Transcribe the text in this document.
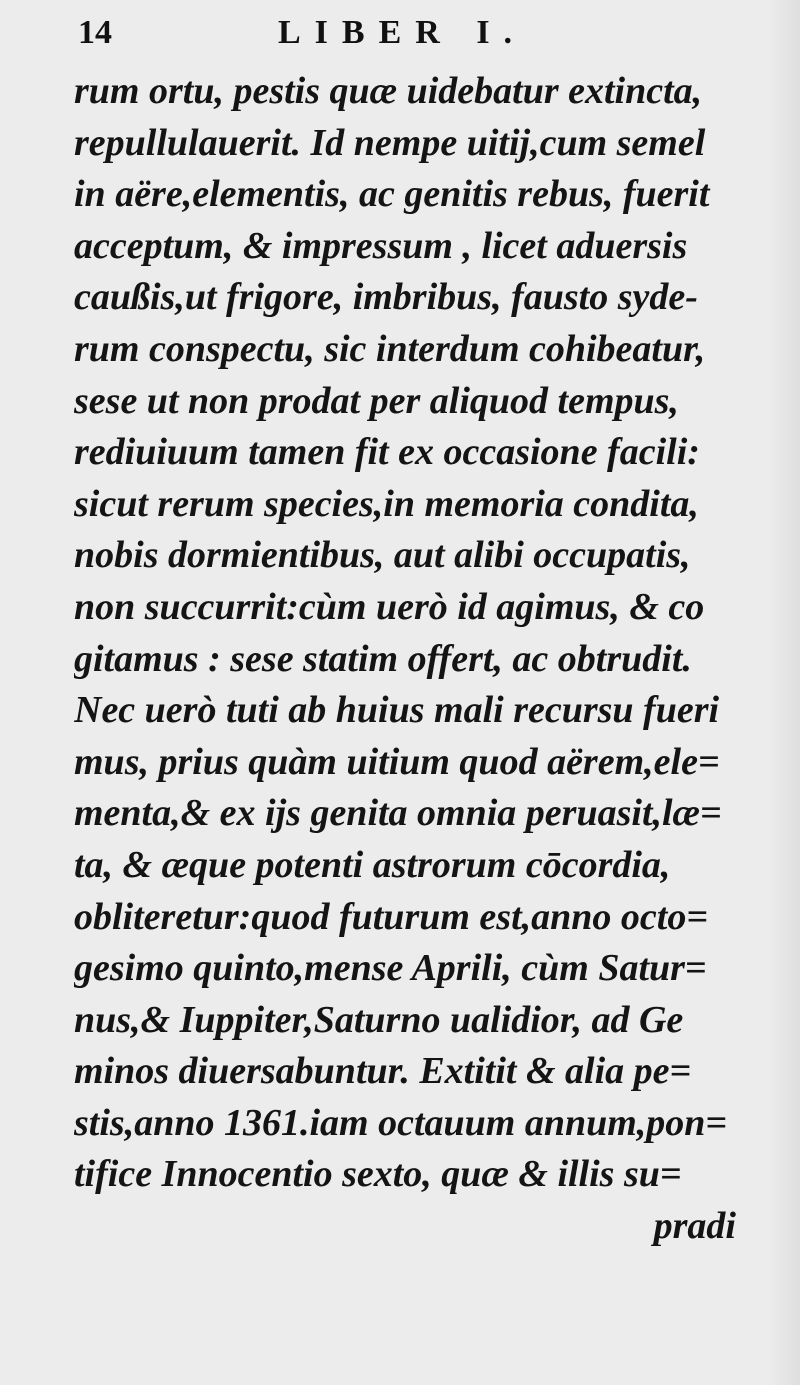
14	LIBER I.
rum ortu, pestis quæ uidebatur extincta,
repullulauerit. Id nempe uitij,cum semel
in aëre,elementis, ac genitis rebus, fuerit
acceptum, & impressum , licet aduersis
caußis,ut frigore, imbribus, fausto syde-
rum conspectu, sic interdum cohibeatur,
sese ut non prodat per aliquod tempus,
rediuiuum tamen fit ex occasione facili:
sicut rerum species,in memoria condita,
nobis dormientibus, aut alibi occupatis,
non succurrit:cùm uerò id agimus, & co
gitamus : sese statim offert, ac obtrudit.
Nec uerò tuti ab huius mali recursu fueri
mus, prius quàm uitium quod aërem,ele=
menta,& ex ijs genita omnia peruasit,læ=
ta, & æque potenti astrorum cōcordia,
obliteretur:quod futurum est,anno octo=
gesimo quinto,mense Aprili, cùm Satur=
nus,& Iuppiter,Saturno ualidior, ad Ge
minos diuersabuntur. Extitit & alia pe=
stis,anno 1361.iam octauum annum,pon=
tifice Innocentio sexto, quæ & illis su=
pradi
